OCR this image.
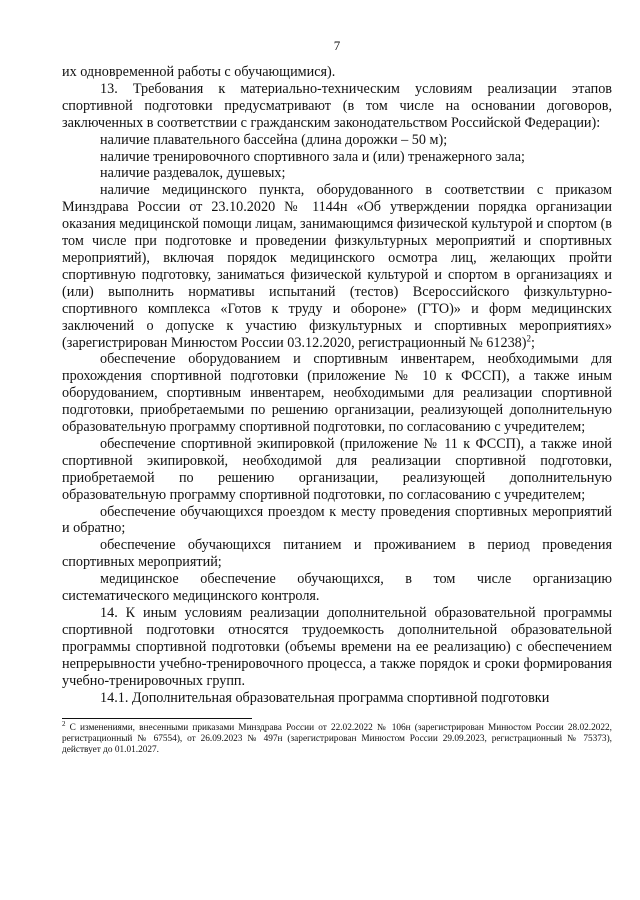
7

их одновременной работы с обучающимися).

13. Требования к материально-техническим условиям реализации этапов спортивной подготовки предусматривают (в том числе на основании договоров, заключенных в соответствии с гражданским законодательством Российской Федерации):

наличие плавательного бассейна (длина дорожки – 50 м);

наличие тренировочного спортивного зала и (или) тренажерного зала;

наличие раздевалок, душевых;

наличие медицинского пункта, оборудованного в соответствии с приказом Минздрава России от 23.10.2020 № 1144н «Об утверждении порядка организации оказания медицинской помощи лицам, занимающимся физической культурой и спортом (в том числе при подготовке и проведении физкультурных мероприятий и спортивных мероприятий), включая порядок медицинского осмотра лиц, желающих пройти спортивную подготовку, заниматься физической культурой и спортом в организациях и (или) выполнить нормативы испытаний (тестов) Всероссийского физкультурно-спортивного комплекса «Готов к труду и обороне» (ГТО)» и форм медицинских заключений о допуске к участию физкультурных и спортивных мероприятиях» (зарегистрирован Минюстом России 03.12.2020, регистрационный № 61238)$^2$;

обеспечение оборудованием и спортивным инвентарем, необходимыми для прохождения спортивной подготовки (приложение № 10 к ФССП), а также иным оборудованием, спортивным инвентарем, необходимыми для реализации спортивной подготовки, приобретаемыми по решению организации, реализующей дополнительную образовательную программу спортивной подготовки, по согласованию с учредителем;

обеспечение спортивной экипировкой (приложение № 11 к ФССП), а также иной спортивной экипировкой, необходимой для реализации спортивной подготовки, приобретаемой по решению организации, реализующей дополнительную образовательную программу спортивной подготовки, по согласованию с учредителем;

обеспечение обучающихся проездом к месту проведения спортивных мероприятий и обратно;

обеспечение обучающихся питанием и проживанием в период проведения спортивных мероприятий;

медицинское обеспечение обучающихся, в том числе организацию систематического медицинского контроля.

14. К иным условиям реализации дополнительной образовательной программы спортивной подготовки относятся трудоемкость дополнительной образовательной программы спортивной подготовки (объемы времени на ее реализацию) с обеспечением непрерывности учебно-тренировочного процесса, а также порядок и сроки формирования учебно-тренировочных групп.

14.1. Дополнительная образовательная программа спортивной подготовки

$^2$ С изменениями, внесенными приказами Минздрава России от 22.02.2022 № 106н (зарегистрирован Минюстом России 28.02.2022, регистрационный № 67554), от 26.09.2023 № 497н (зарегистрирован Минюстом России 29.09.2023, регистрационный № 75373), действует до 01.01.2027.
